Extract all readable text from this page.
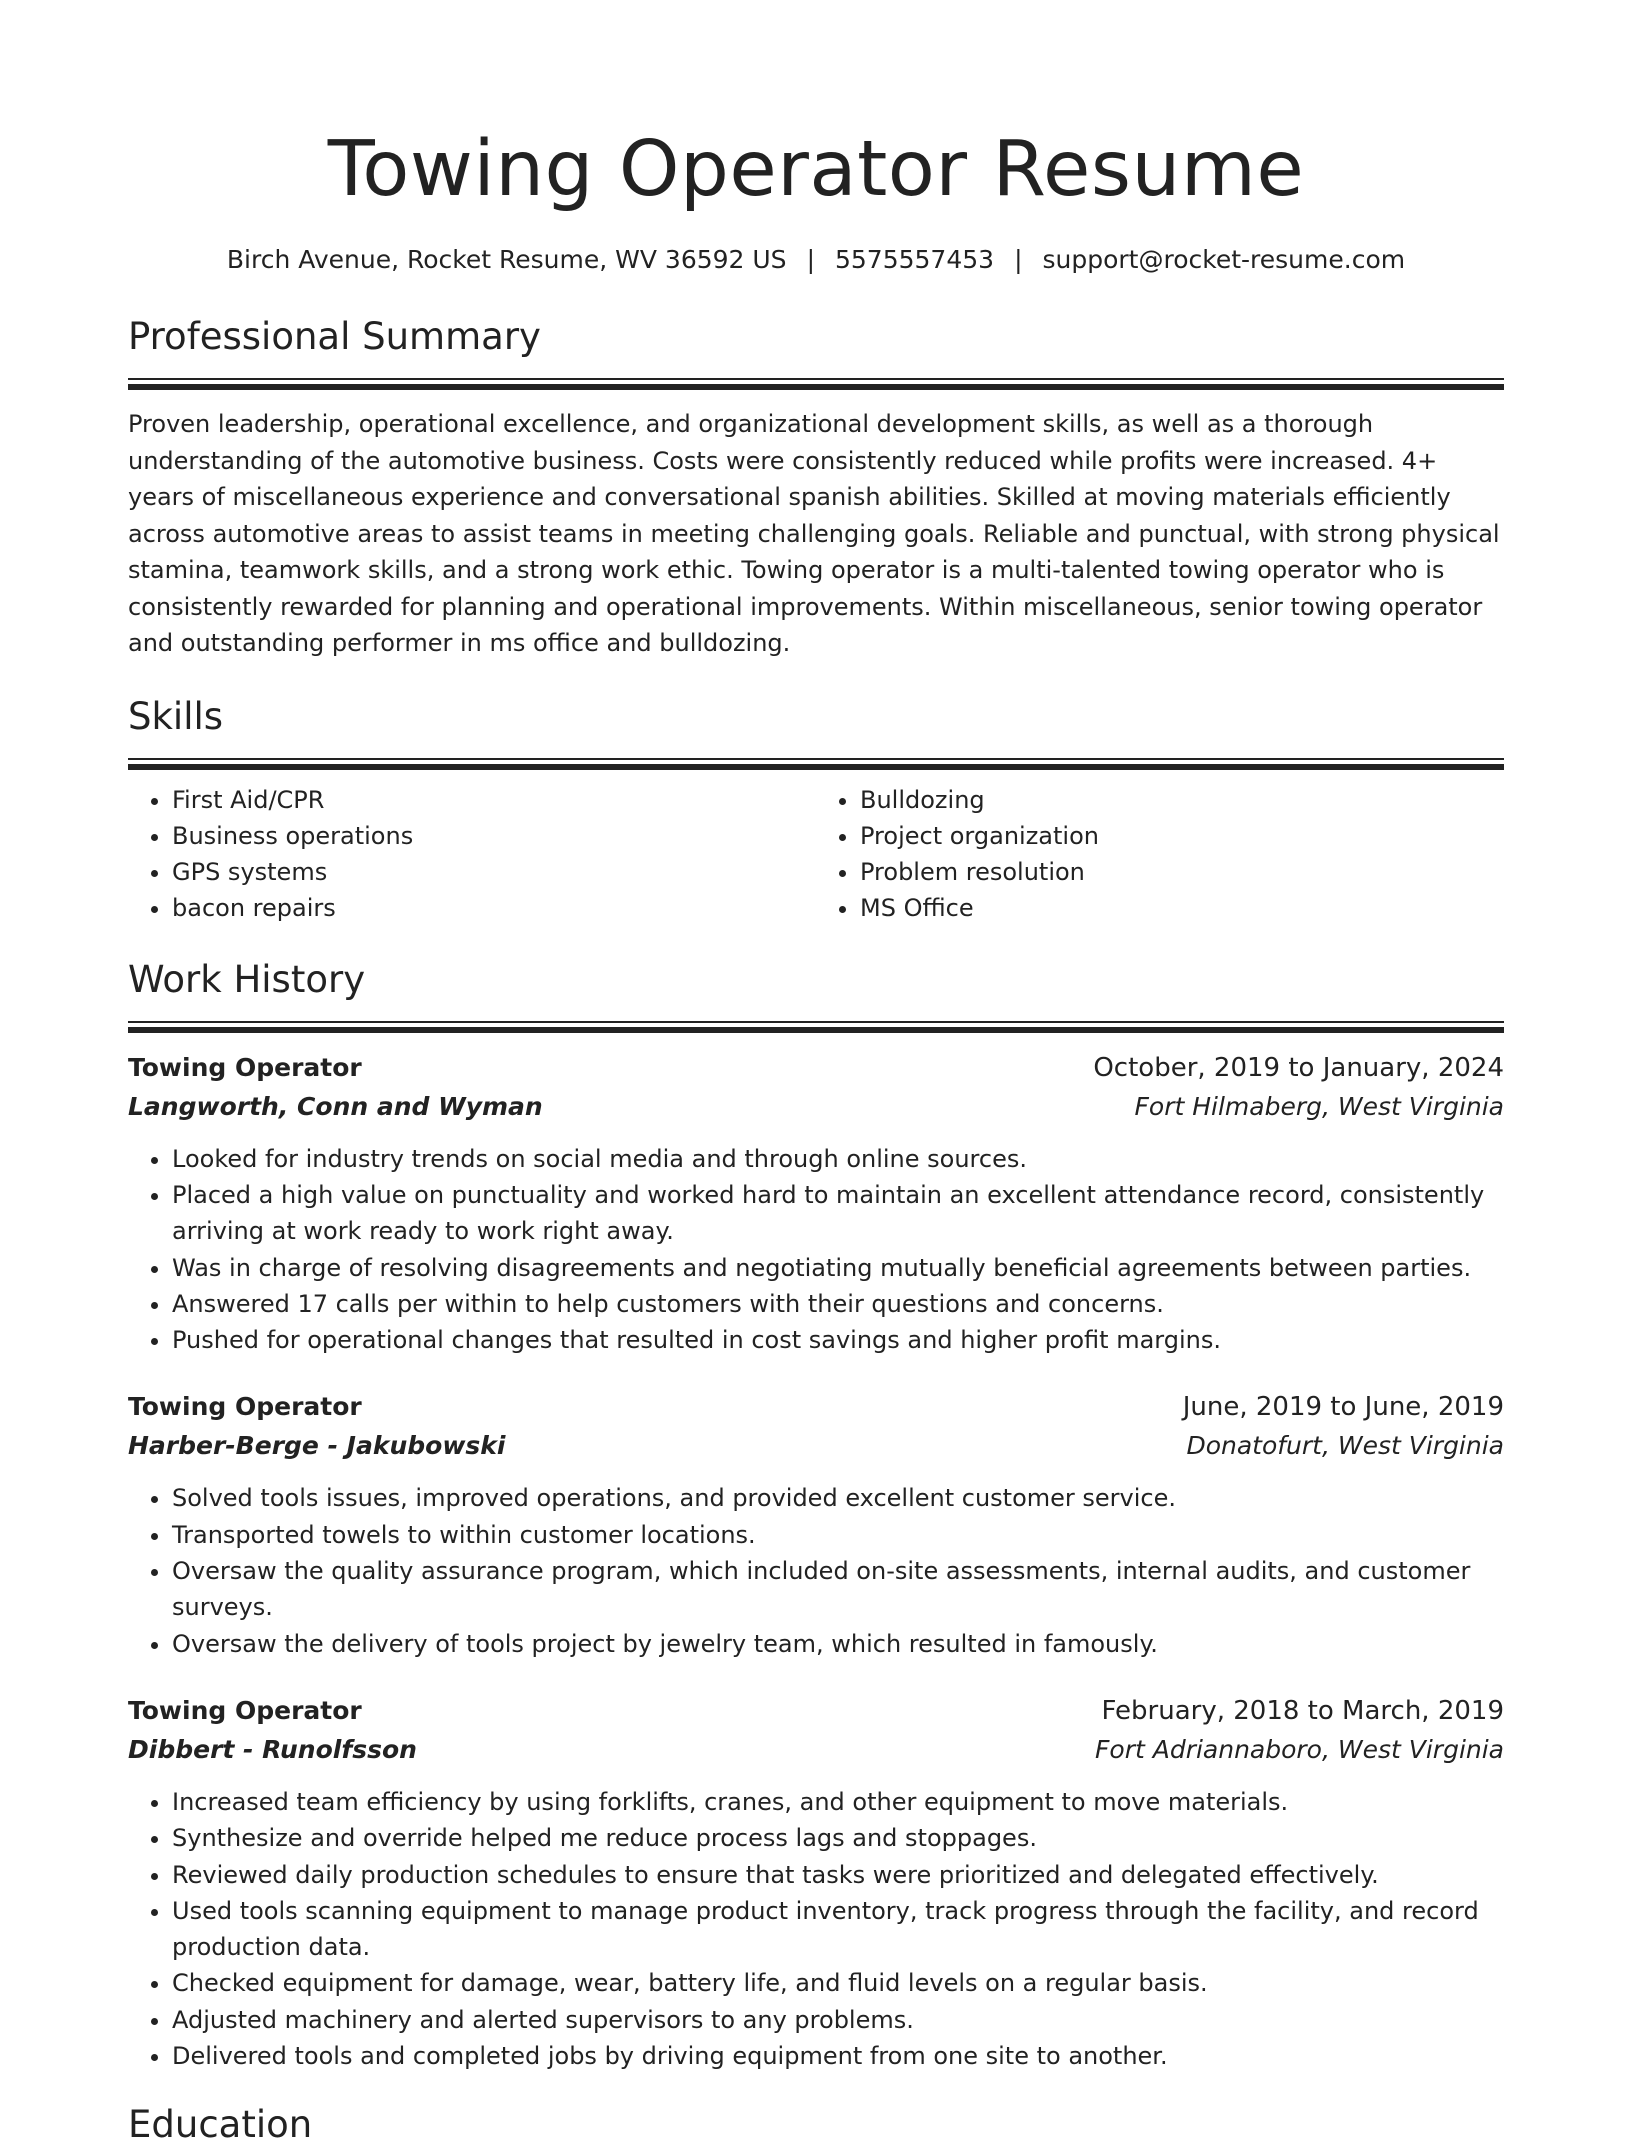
Towing Operator Resume
Birch Avenue, Rocket Resume, WV 36592 US | 5575557453 | support@rocket-resume.com
Professional Summary

Proven leadership, operational excellence, and organizational development skills, as well as a thorough understanding of the automotive business. Costs were consistently reduced while profits were increased. 4+ years of miscellaneous experience and conversational spanish abilities. Skilled at moving materials efficiently across automotive areas to assist teams in meeting challenging goals. Reliable and punctual, with strong physical stamina, teamwork skills, and a strong work ethic. Towing operator is a multi-talented towing operator who is consistently rewarded for planning and operational improvements. Within miscellaneous, senior towing operator and outstanding performer in ms office and bulldozing.

Skills
• First Aid/CPR
• Business operations
• GPS systems
• bacon repairs
• Bulldozing
• Project organization
• Problem resolution
• MS Office
Work History
Towing Operator	October, 2019 to January, 2024
Langworth, Conn and Wyman	Fort Hilmaberg, West Virginia
• Looked for industry trends on social media and through online sources.
• Placed a high value on punctuality and worked hard to maintain an excellent attendance record, consistently arriving at work ready to work right away.
• Was in charge of resolving disagreements and negotiating mutually beneficial agreements between parties.
• Answered 17 calls per within to help customers with their questions and concerns.
• Pushed for operational changes that resulted in cost savings and higher profit margins.
Towing Operator	June, 2019 to June, 2019
Harber-Berge - Jakubowski	Donatofurt, West Virginia
• Solved tools issues, improved operations, and provided excellent customer service.
• Transported towels to within customer locations.
• Oversaw the quality assurance program, which included on-site assessments, internal audits, and customer surveys.
• Oversaw the delivery of tools project by jewelry team, which resulted in famously.
Towing Operator	February, 2018 to March, 2019
Dibbert - Runolfsson	Fort Adriannaboro, West Virginia
• Increased team efficiency by using forklifts, cranes, and other equipment to move materials.
• Synthesize and override helped me reduce process lags and stoppages.
• Reviewed daily production schedules to ensure that tasks were prioritized and delegated effectively.
• Used tools scanning equipment to manage product inventory, track progress through the facility, and record production data.
• Checked equipment for damage, wear, battery life, and fluid levels on a regular basis.
• Adjusted machinery and alerted supervisors to any problems.
• Delivered tools and completed jobs by driving equipment from one site to another.
Education
